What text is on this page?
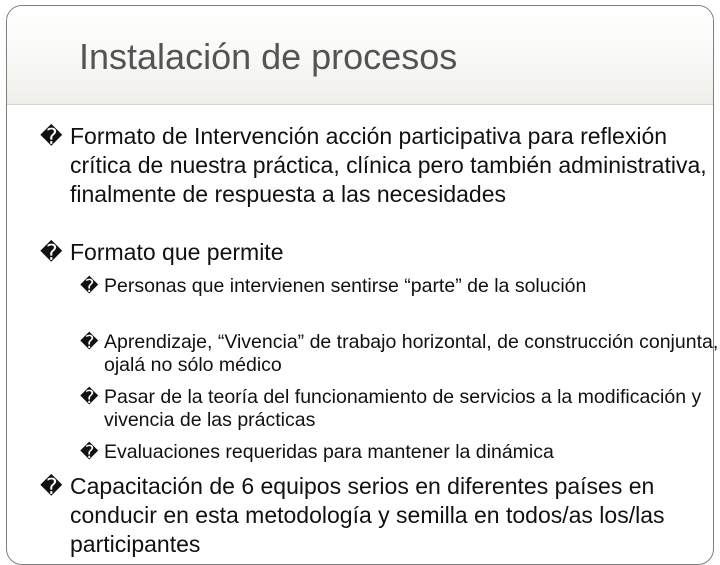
Instalación de procesos

� Formato de Intervención acción participativa para reflexión crítica de nuestra práctica, clínica pero también administrativa, finalmente de respuesta a las necesidades

� Formato que permite

� Personas que intervienen sentirse “parte” de la solución

� Aprendizaje, “Vivencia” de trabajo horizontal, de construcción conjunta, ojalá no sólo médico

� Pasar de la teoría del funcionamiento de servicios a la modificación y vivencia de las prácticas

� Evaluaciones requeridas para mantener la dinámica

� Capacitación de 6 equipos serios en diferentes países en conducir en esta metodología y semilla en todos/as los/las participantes
